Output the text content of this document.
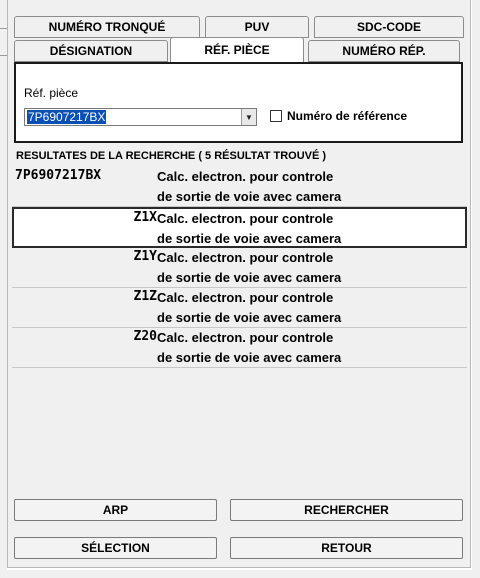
NUMÉRO TRONQUÉ	PUV	SDC-CODE
DÉSIGNATION	RÉF. PIÈCE	NUMÉRO RÉP.
Réf. pièce
7P6907217BX	▼	Numéro de référence
RESULTATES DE LA RECHERCHE ( 5 RÉSULTAT TROUVÉ )
7P6907217BX	Calc. electron. pour controle
de sortie de voie avec camera
Z1X Calc. electron. pour controle
de sortie de voie avec camera
Z1Y Calc. electron. pour controle
de sortie de voie avec camera
Z1Z Calc. electron. pour controle
de sortie de voie avec camera
Z20 Calc. electron. pour controle
de sortie de voie avec camera
ARP	RECHERCHER
SÉLECTION	RETOUR
